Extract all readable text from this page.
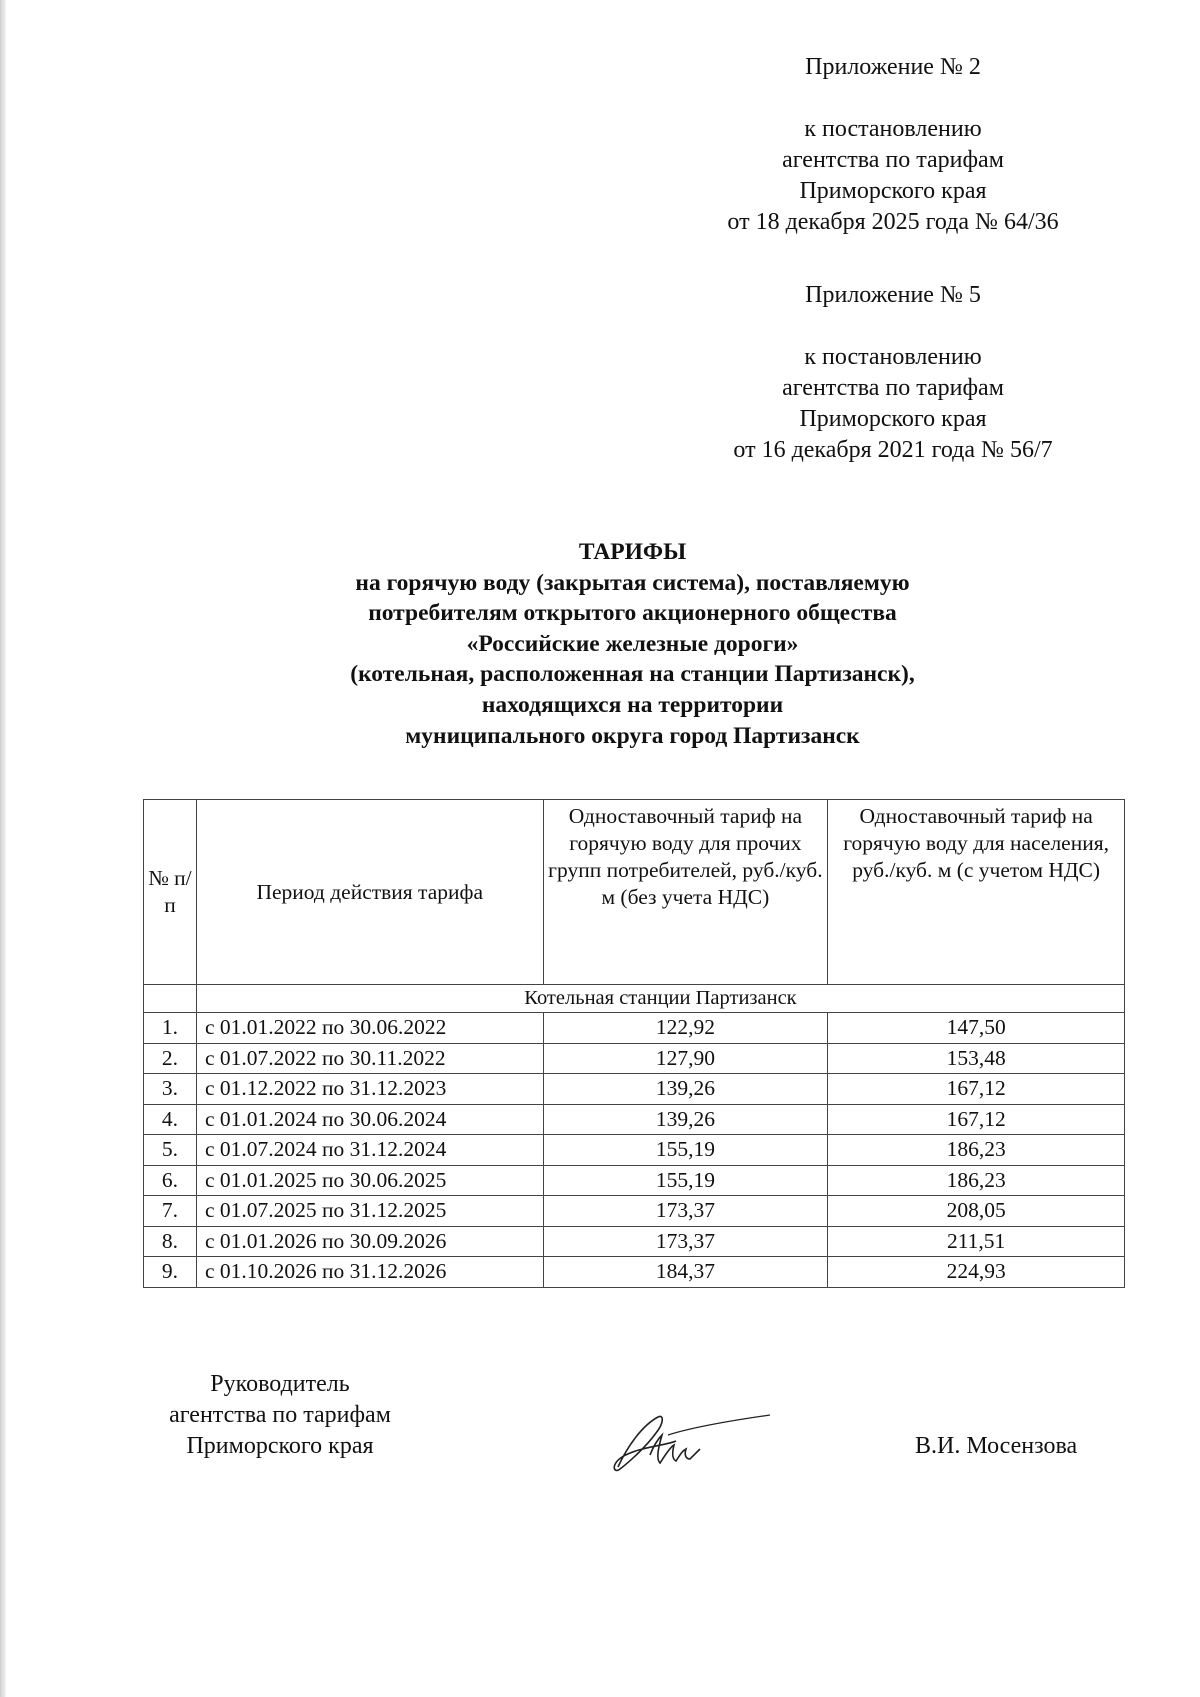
Приложение № 2
к постановлению
агентства по тарифам
Приморского края
от 18 декабря 2025 года № 64/36
Приложение № 5
к постановлению
агентства по тарифам
Приморского края
от 16 декабря 2021 года № 56/7
ТАРИФЫ
на горячую воду (закрытая система), поставляемую
потребителям открытого акционерного общества
«Российские железные дороги»
(котельная, расположенная на станции Партизанск),
находящихся на территории
муниципального округа город Партизанск
№ п/п	Период действия тарифа	Одноставочный тариф на горячую воду для прочих групп потребителей, руб./куб. м (без учета НДС)	Одноставочный тариф на горячую воду для населения, руб./куб. м (с учетом НДС)
	Котельная станции Партизанск		
1.	с 01.01.2022 по 30.06.2022	122,92	147,50
2.	с 01.07.2022 по 30.11.2022	127,90	153,48
3.	с 01.12.2022 по 31.12.2023	139,26	167,12
4.	с 01.01.2024 по 30.06.2024	139,26	167,12
5.	с 01.07.2024 по 31.12.2024	155,19	186,23
6.	с 01.01.2025 по 30.06.2025	155,19	186,23
7.	с 01.07.2025 по 31.12.2025	173,37	208,05
8.	с 01.01.2026 по 30.09.2026	173,37	211,51
9.	с 01.10.2026 по 31.12.2026	184,37	224,93
Руководитель
агентства по тарифам
Приморского края	В.И. Мосензова
